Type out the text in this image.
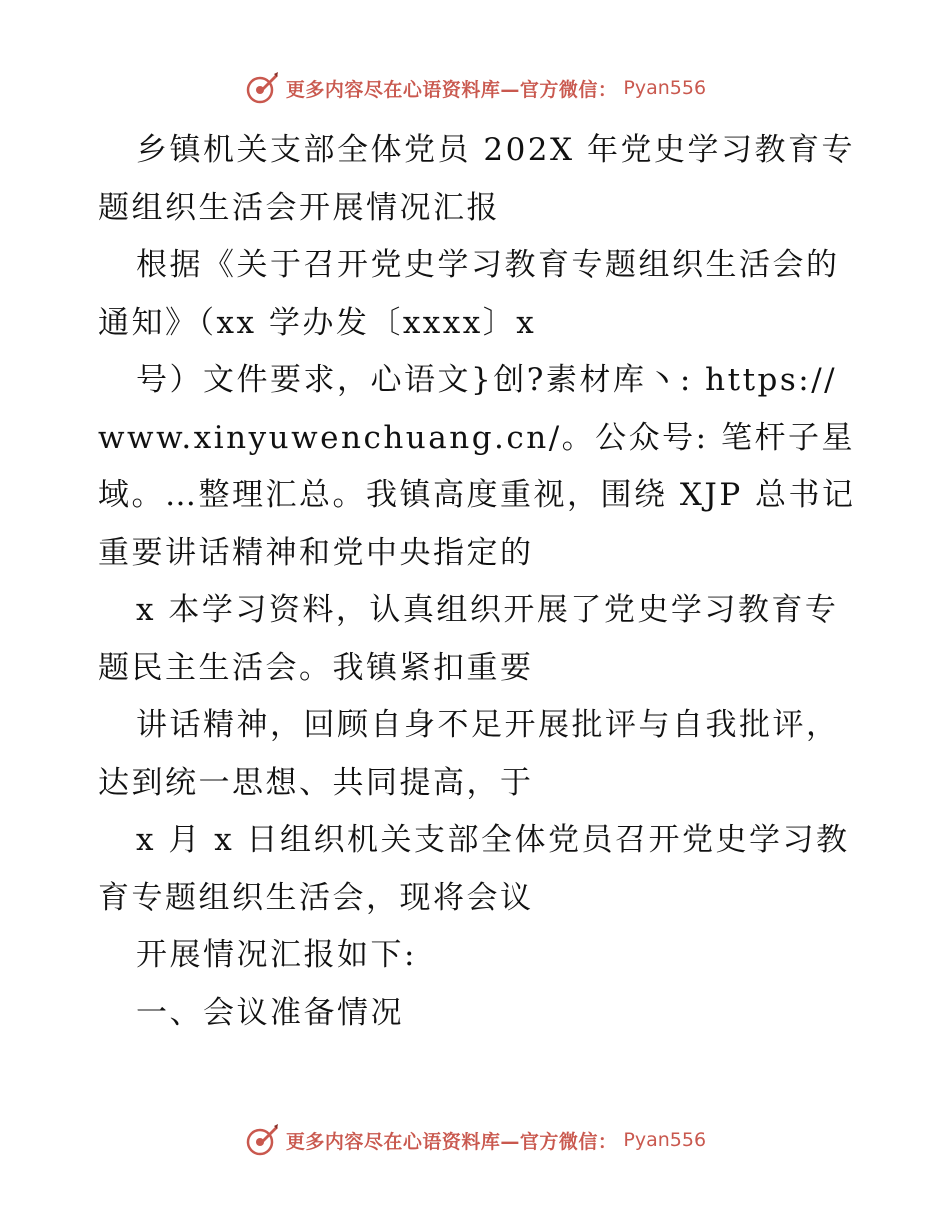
更多内容尽在心语资料库—官方微信： Pyan556

乡镇机关支部全体党员 202X 年党史学习教育专题组织生活会开展情况汇报

根据《关于召开党史学习教育专题组织生活会的通知》（xx 学办发〔xxxx〕x

号）文件要求，心语文}创?素材库丶: https://www.xinyuwenchuang.cn/。公众号: 笔杆子星域。…整理汇总。我镇高度重视，围绕 XJP 总书记重要讲话精神和党中央指定的

x 本学习资料，认真组织开展了党史学习教育专题民主生活会。我镇紧扣重要

讲话精神，回顾自身不足开展批评与自我批评，达到统一思想、共同提高，于

x 月 x 日组织机关支部全体党员召开党史学习教育专题组织生活会，现将会议

开展情况汇报如下:

一、会议准备情况

更多内容尽在心语资料库—官方微信： Pyan556
